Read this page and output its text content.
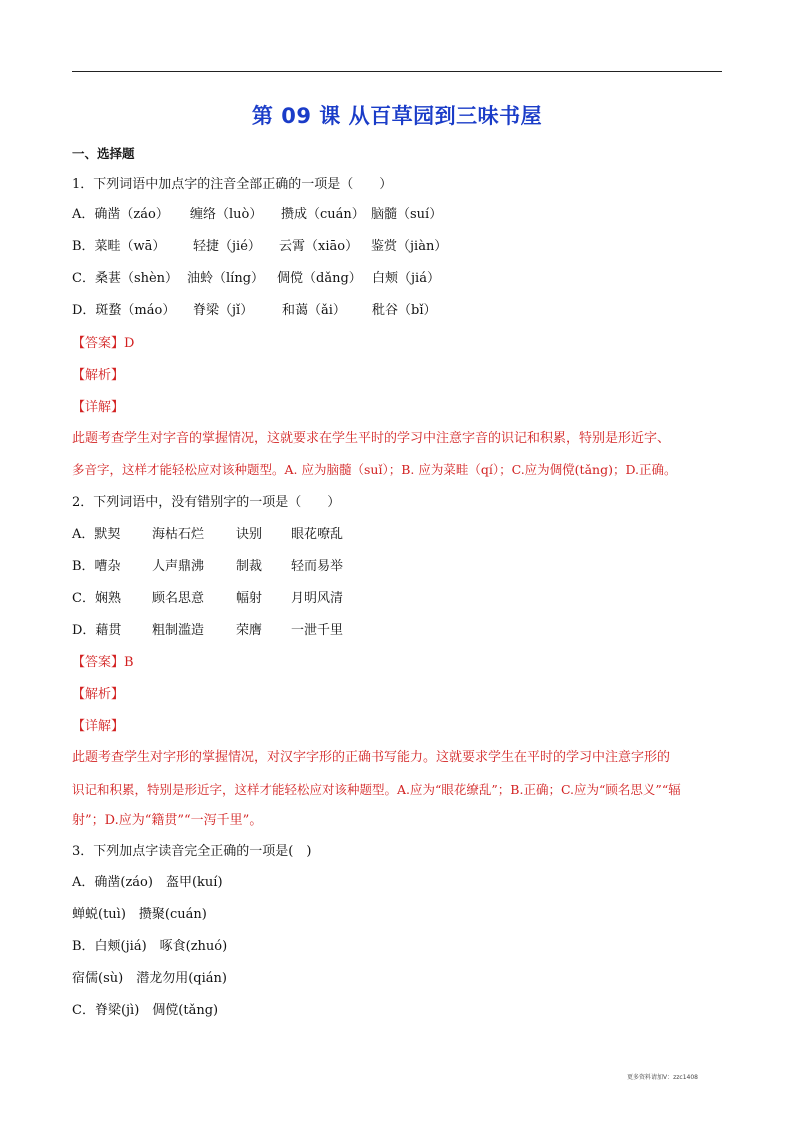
第 09 课 从百草园到三味书屋
一、选择题
1．下列词语中加点字的注音全部正确的一项是（　　）
A．确凿（záo） 缠络（luò） 攒成（cuán） 脑髓（suí）
B．菜畦（wā） 轻捷（jié） 云霄（xiāo） 鉴赏（jiàn）
C．桑葚（shèn） 油蛉（líng） 倜傥（dǎng） 白颊（jiá）
D．斑蝥（máo） 脊梁（jǐ） 和蔼（ǎi） 秕谷（bǐ）
【答案】D
【解析】
【详解】
此题考查学生对字音的掌握情况，这就要求在学生平时的学习中注意字音的识记和积累，特别是形近字、
多音字，这样才能轻松应对该种题型。A. 应为脑髓（suǐ）；B. 应为菜畦（qí）；C.应为倜傥(tǎng)；D.正确。
2．下列词语中，没有错别字的一项是（　　）
A．默契 海枯石烂 诀别 眼花嘹乱
B．嘈杂 人声鼎沸 制裁 轻而易举
C．娴熟 顾名思意 幅射 月明风清
D．藉贯 粗制滥造 荣膺 一泄千里
【答案】B
【解析】
【详解】
此题考查学生对字形的掌握情况，对汉字字形的正确书写能力。这就要求学生在平时的学习中注意字形的
识记和积累，特别是形近字，这样才能轻松应对该种题型。A.应为“眼花缭乱”；B.正确；C.应为“顾名思义”“辐
射”；D.应为“籍贯”“一泻千里”。
3．下列加点字读音完全正确的一项是(　)
A．确凿(záo)　盔甲(kuí)
蝉蜕(tuì)　攒聚(cuán)
B．白颊(jiá)　啄食(zhuó)
宿儒(sù)　潜龙勿用(qián)
C．脊梁(jì)　倜傥(tǎng)
更多资料请加V：zzc1408
